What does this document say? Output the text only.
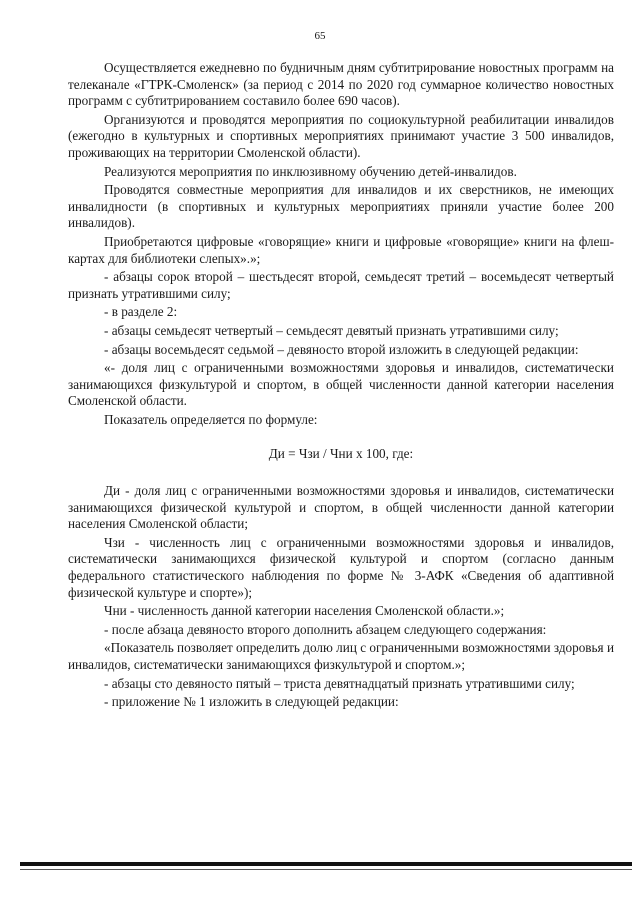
65

Осуществляется ежедневно по будничным дням субтитрирование новостных программ на телеканале «ГТРК-Смоленск» (за период с 2014 по 2020 год суммарное количество новостных программ с субтитрированием составило более 690 часов).

Организуются и проводятся мероприятия по социокультурной реабилитации инвалидов (ежегодно в культурных и спортивных мероприятиях принимают участие 3 500 инвалидов, проживающих на территории Смоленской области).

Реализуются мероприятия по инклюзивному обучению детей-инвалидов.

Проводятся совместные мероприятия для инвалидов и их сверстников, не имеющих инвалидности (в спортивных и культурных мероприятиях приняли участие более 200 инвалидов).

Приобретаются цифровые «говорящие» книги и цифровые «говорящие» книги на флеш-картах для библиотеки слепых».»;

- абзацы сорок второй – шестьдесят второй, семьдесят третий – восемьдесят четвертый признать утратившими силу;

- в разделе 2:

- абзацы семьдесят четвертый – семьдесят девятый признать утратившими силу;

- абзацы восемьдесят седьмой – девяносто второй изложить в следующей редакции:

«- доля лиц с ограниченными возможностями здоровья и инвалидов, систематически занимающихся физкультурой и спортом, в общей численности данной категории населения Смоленской области.

Показатель определяется по формуле:

Ди = Чзи / Чни х 100, где:

Ди - доля лиц с ограниченными возможностями здоровья и инвалидов, систематически занимающихся физической культурой и спортом, в общей численности данной категории населения Смоленской области;

Чзи - численность лиц с ограниченными возможностями здоровья и инвалидов, систематически занимающихся физической культурой и спортом (согласно данным федерального статистического наблюдения по форме № 3-АФК «Сведения об адаптивной физической культуре и спорте»);

Чни - численность данной категории населения Смоленской области.»;

- после абзаца девяносто второго дополнить абзацем следующего содержания:

«Показатель позволяет определить долю лиц с ограниченными возможностями здоровья и инвалидов, систематически занимающихся физкультурой и спортом.»;

- абзацы сто девяносто пятый – триста девятнадцатый признать утратившими силу;

- приложение № 1 изложить в следующей редакции:
